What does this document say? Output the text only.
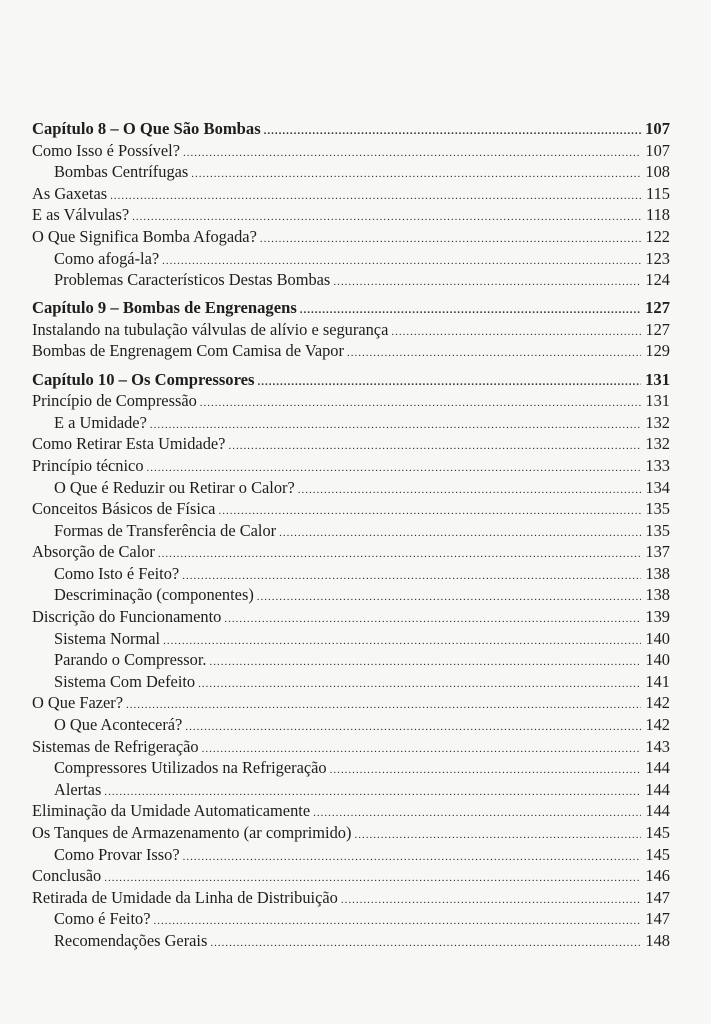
Capítulo 8 – O Que São Bombas .....	107
Como Isso é Possível? .....	107
Bombas Centrífugas .....	108
As Gaxetas .....	115
E as Válvulas? .....	118
O Que Significa Bomba Afogada? .....	122
Como afogá-la? .....	123
Problemas Característicos Destas Bombas .....	124
Capítulo 9 – Bombas de Engrenagens .....	127
Instalando na tubulação válvulas de alívio e segurança .....	127
Bombas de Engrenagem Com Camisa de Vapor .....	129
Capítulo 10 – Os Compressores .....	131
Princípio de Compressão .....	131
E a Umidade? .....	132
Como Retirar Esta Umidade? .....	132
Princípio técnico .....	133
O Que é Reduzir ou Retirar o Calor? .....	134
Conceitos Básicos de Física .....	135
Formas de Transferência de Calor .....	135
Absorção de Calor .....	137
Como Isto é Feito? .....	138
Descriminação (componentes) .....	138
Discrição do Funcionamento .....	139
Sistema Normal .....	140
Parando o Compressor. .....	140
Sistema Com Defeito .....	141
O Que Fazer? .....	142
O Que Acontecerá? .....	142
Sistemas de Refrigeração .....	143
Compressores Utilizados na Refrigeração .....	144
Alertas .....	144
Eliminação da Umidade Automaticamente .....	144
Os Tanques de Armazenamento (ar comprimido) .....	145
Como Provar Isso? .....	145
Conclusão .....	146
Retirada de Umidade da Linha de Distribuição .....	147
Como é Feito? .....	147
Recomendações Gerais .....	148
